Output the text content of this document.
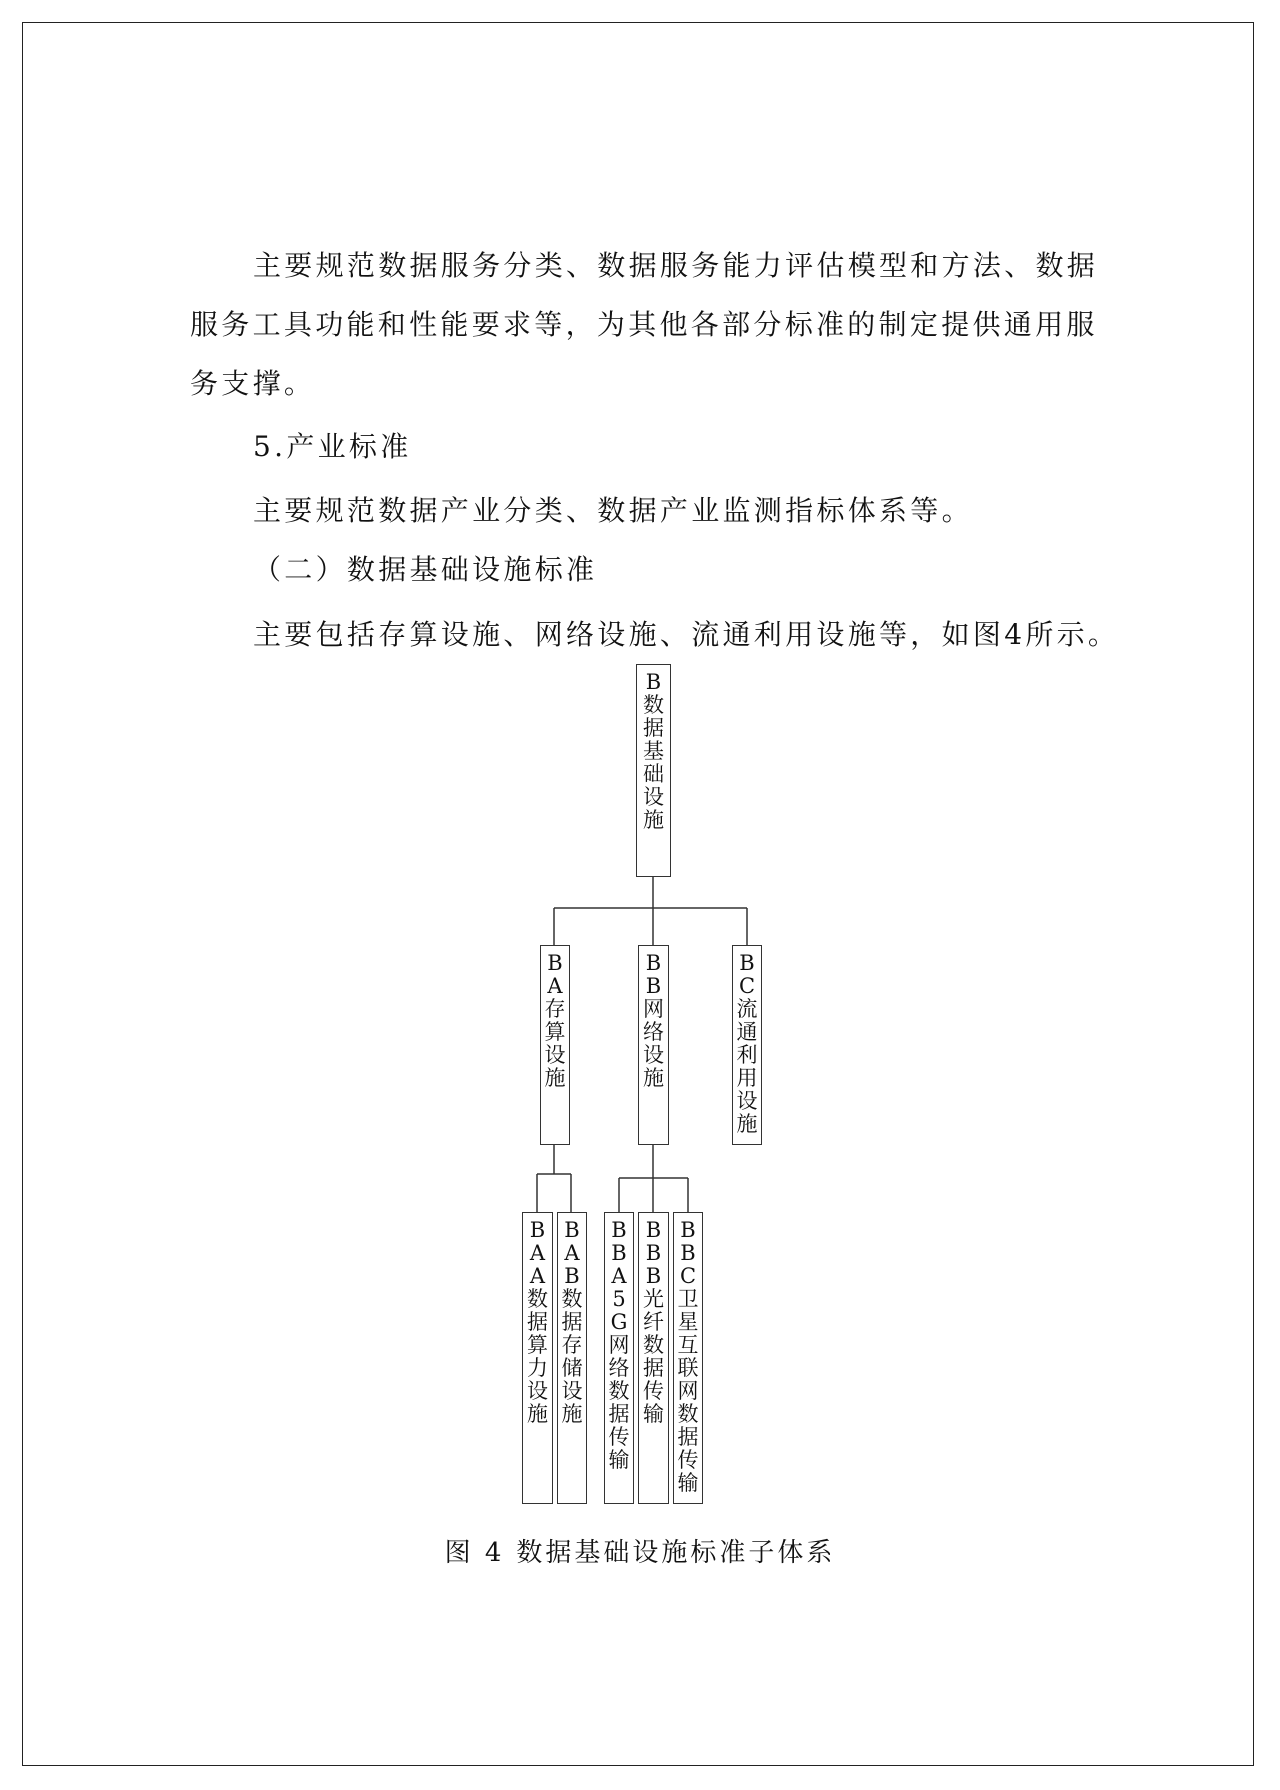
主要规范数据服务分类、数据服务能力评估模型和方法、数据
服务工具功能和性能要求等，为其他各部分标准的制定提供通用服
务支撑。
5.产业标准
主要规范数据产业分类、数据产业监测指标体系等。
（二）数据基础设施标准
主要包括存算设施、网络设施、流通利用设施等，如图4所示。
B数据基础设施
BA存算设施
BB网络设施
BC流通利用设施
BAA数据算力设施
BAB数据存储设施
BBA5G网络数据传输
BBB光纤数据传输
BBC卫星互联网数据传输
图 4 数据基础设施标准子体系
